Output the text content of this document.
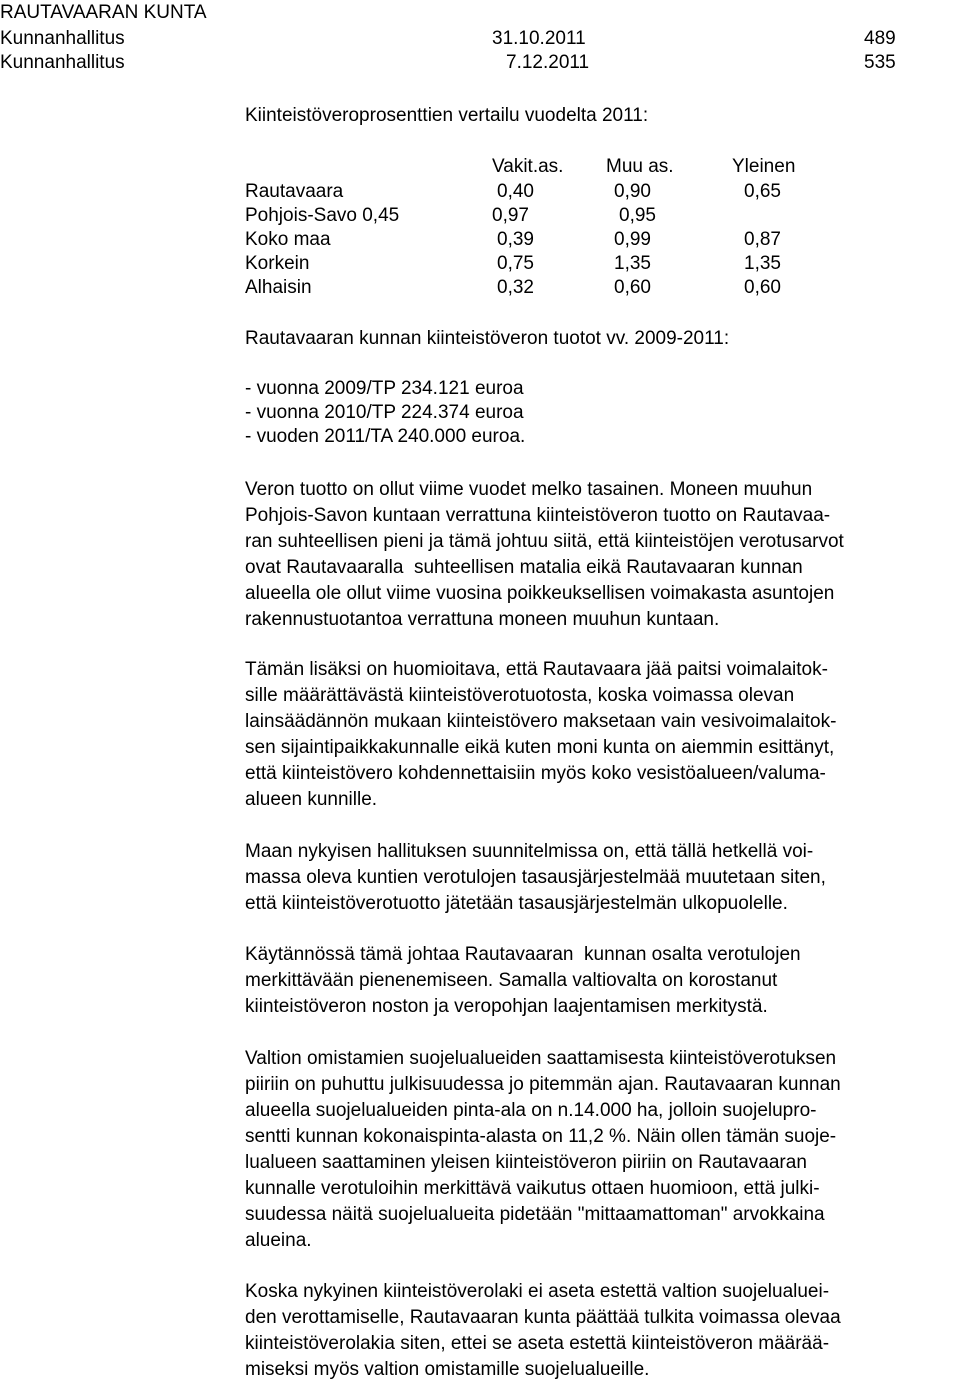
RAUTAVAARAN KUNTA
Kunnanhallitus	31.10.2011	489
Kunnanhallitus	7.12.2011	535
Kiinteistöveroprosenttien vertailu vuodelta 2011:
Vakit.as. Muu as.	Yleinen
Rautavaara	0,40	0,90	0,65
Pohjois-Savo 0,45	0,97	0,95
Koko maa	0,39	0,99	0,87
Korkein	0,75	1,35	1,35
Alhaisin	0,32	0,60	0,60
Rautavaaran kunnan kiinteistöveron tuotot vv. 2009-2011:
- vuonna 2009/TP 234.121 euroa
- vuonna 2010/TP 224.374 euroa
- vuoden 2011/TA 240.000 euroa.
Veron tuotto on ollut viime vuodet melko tasainen. Moneen muuhun
Pohjois-Savon kuntaan verrattuna kiinteistöveron tuotto on Rautavaa-
ran suhteellisen pieni ja tämä johtuu siitä, että kiinteistöjen verotusarvot
ovat Rautavaaralla  suhteellisen matalia eikä Rautavaaran kunnan
alueella ole ollut viime vuosina poikkeuksellisen voimakasta asuntojen
rakennustuotantoa verrattuna moneen muuhun kuntaan.
Tämän lisäksi on huomioitava, että Rautavaara jää paitsi voimalaitok-
sille määrättävästä kiinteistöverotuotosta, koska voimassa olevan
lainsäädännön mukaan kiinteistövero maksetaan vain vesivoimalaitok-
sen sijaintipaikkakunnalle eikä kuten moni kunta on aiemmin esittänyt,
että kiinteistövero kohdennettaisiin myös koko vesistöalueen/valuma-
alueen kunnille.
Maan nykyisen hallituksen suunnitelmissa on, että tällä hetkellä voi-
massa oleva kuntien verotulojen tasausjärjestelmää muutetaan siten,
että kiinteistöverotuotto jätetään tasausjärjestelmän ulkopuolelle.
Käytännössä tämä johtaa Rautavaaran  kunnan osalta verotulojen
merkittävään pienenemiseen. Samalla valtiovalta on korostanut
kiinteistöveron noston ja veropohjan laajentamisen merkitystä.
Valtion omistamien suojelualueiden saattamisesta kiinteistöverotuksen
piiriin on puhuttu julkisuudessa jo pitemmän ajan. Rautavaaran kunnan
alueella suojelualueiden pinta-ala on n.14.000 ha, jolloin suojelupro-
sentti kunnan kokonaispinta-alasta on 11,2 %. Näin ollen tämän suoje-
lualueen saattaminen yleisen kiinteistöveron piiriin on Rautavaaran
kunnalle verotuloihin merkittävä vaikutus ottaen huomioon, että julki-
suudessa näitä suojelualueita pidetään "mittaamattoman" arvokkaina
alueina.
Koska nykyinen kiinteistöverolaki ei aseta estettä valtion suojelualuei-
den verottamiselle, Rautavaaran kunta päättää tulkita voimassa olevaa
kiinteistöverolakia siten, ettei se aseta estettä kiinteistöveron määrää-
miseksi myös valtion omistamille suojelualueille.
